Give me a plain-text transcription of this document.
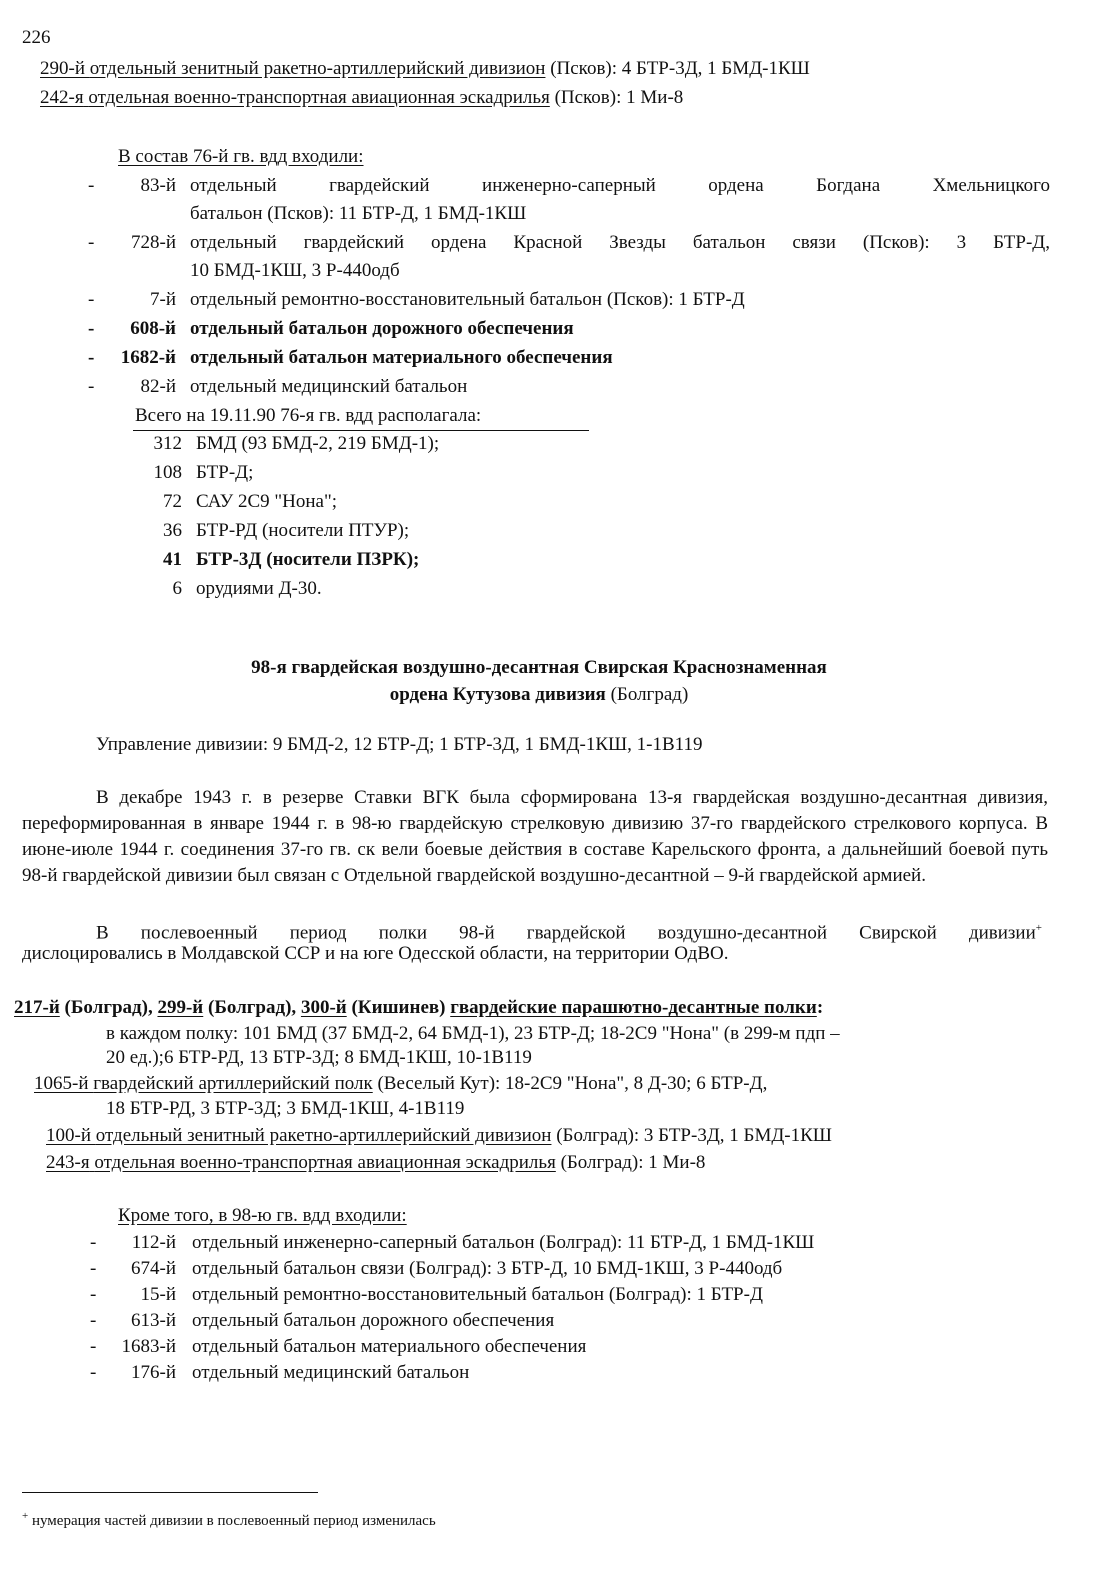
226
290-й отдельный зенитный ракетно-артиллерийский дивизион (Псков): 4 БТР-3Д, 1 БМД-1КШ
242-я отдельная военно-транспортная авиационная эскадрилья (Псков): 1 Ми-8
В состав 76-й гв. вдд входили:
-	83-й отдельный гвардейский инженерно-саперный ордена Богдана Хмельницкого
батальон (Псков): 11 БТР-Д, 1 БМД-1КШ
-	728-й отдельный гвардейский ордена Красной Звезды батальон связи (Псков): 3 БТР-Д,
10 БМД-1КШ, 3 Р-440одб
-	7-й отдельный ремонтно-восстановительный батальон (Псков): 1 БТР-Д
-	608-й отдельный батальон дорожного обеспечения
-	1682-й отдельный батальон материального обеспечения
-	82-й отдельный медицинский батальон
Всего на 19.11.90 76-я гв. вдд располагала:
312 БМД (93 БМД-2, 219 БМД-1);
108 БТР-Д;
72 САУ 2С9 "Нона";
36 БТР-РД (носители ПТУР);
41 БТР-3Д (носители ПЗРК);
6 орудиями Д-30.
98-я гвардейская воздушно-десантная Свирская Краснознаменная
ордена Кутузова дивизия (Болград)
Управление дивизии: 9 БМД-2, 12 БТР-Д; 1 БТР-3Д, 1 БМД-1КШ, 1-1В119
В декабре 1943 г. в резерве Ставки ВГК была сформирована 13-я гвардейская воздушно-десантная дивизия, переформированная в январе 1944 г. в 98-ю гвардейскую стрелковую дивизию 37-го гвардейского стрелкового корпуса. В июне-июле 1944 г. соединения 37-го гв. ск вели боевые действия в составе Карельского фронта, а дальнейший боевой путь 98-й гвардейской дивизии был связан с Отдельной гвардейской воздушно-десантной – 9-й гвардейской армией.
В послевоенный период полки 98-й гвардейской воздушно-десантной Свирской дивизии+
дислоцировались в Молдавской ССР и на юге Одесской области, на территории ОдВО.
217-й (Болград), 299-й (Болград), 300-й (Кишинев) гвардейские парашютно-десантные полки:
в каждом полку: 101 БМД (37 БМД-2, 64 БМД-1), 23 БТР-Д; 18-2С9 "Нона" (в 299-м пдп –
20 ед.);6 БТР-РД, 13 БТР-3Д; 8 БМД-1КШ, 10-1В119
1065-й гвардейский артиллерийский полк (Веселый Кут): 18-2С9 "Нона", 8 Д-30; 6 БТР-Д,
18 БТР-РД, 3 БТР-3Д; 3 БМД-1КШ, 4-1В119
100-й отдельный зенитный ракетно-артиллерийский дивизион (Болград): 3 БТР-3Д, 1 БМД-1КШ
243-я отдельная военно-транспортная авиационная эскадрилья (Болград): 1 Ми-8
Кроме того, в 98-ю гв. вдд входили:
-	112-й отдельный инженерно-саперный батальон (Болград): 11 БТР-Д, 1 БМД-1КШ
-	674-й отдельный батальон связи (Болград): 3 БТР-Д, 10 БМД-1КШ, 3 Р-440одб
-	15-й отдельный ремонтно-восстановительный батальон (Болград): 1 БТР-Д
-	613-й отдельный батальон дорожного обеспечения
-	1683-й отдельный батальон материального обеспечения
-	176-й отдельный медицинский батальон
+ нумерация частей дивизии в послевоенный период изменилась
